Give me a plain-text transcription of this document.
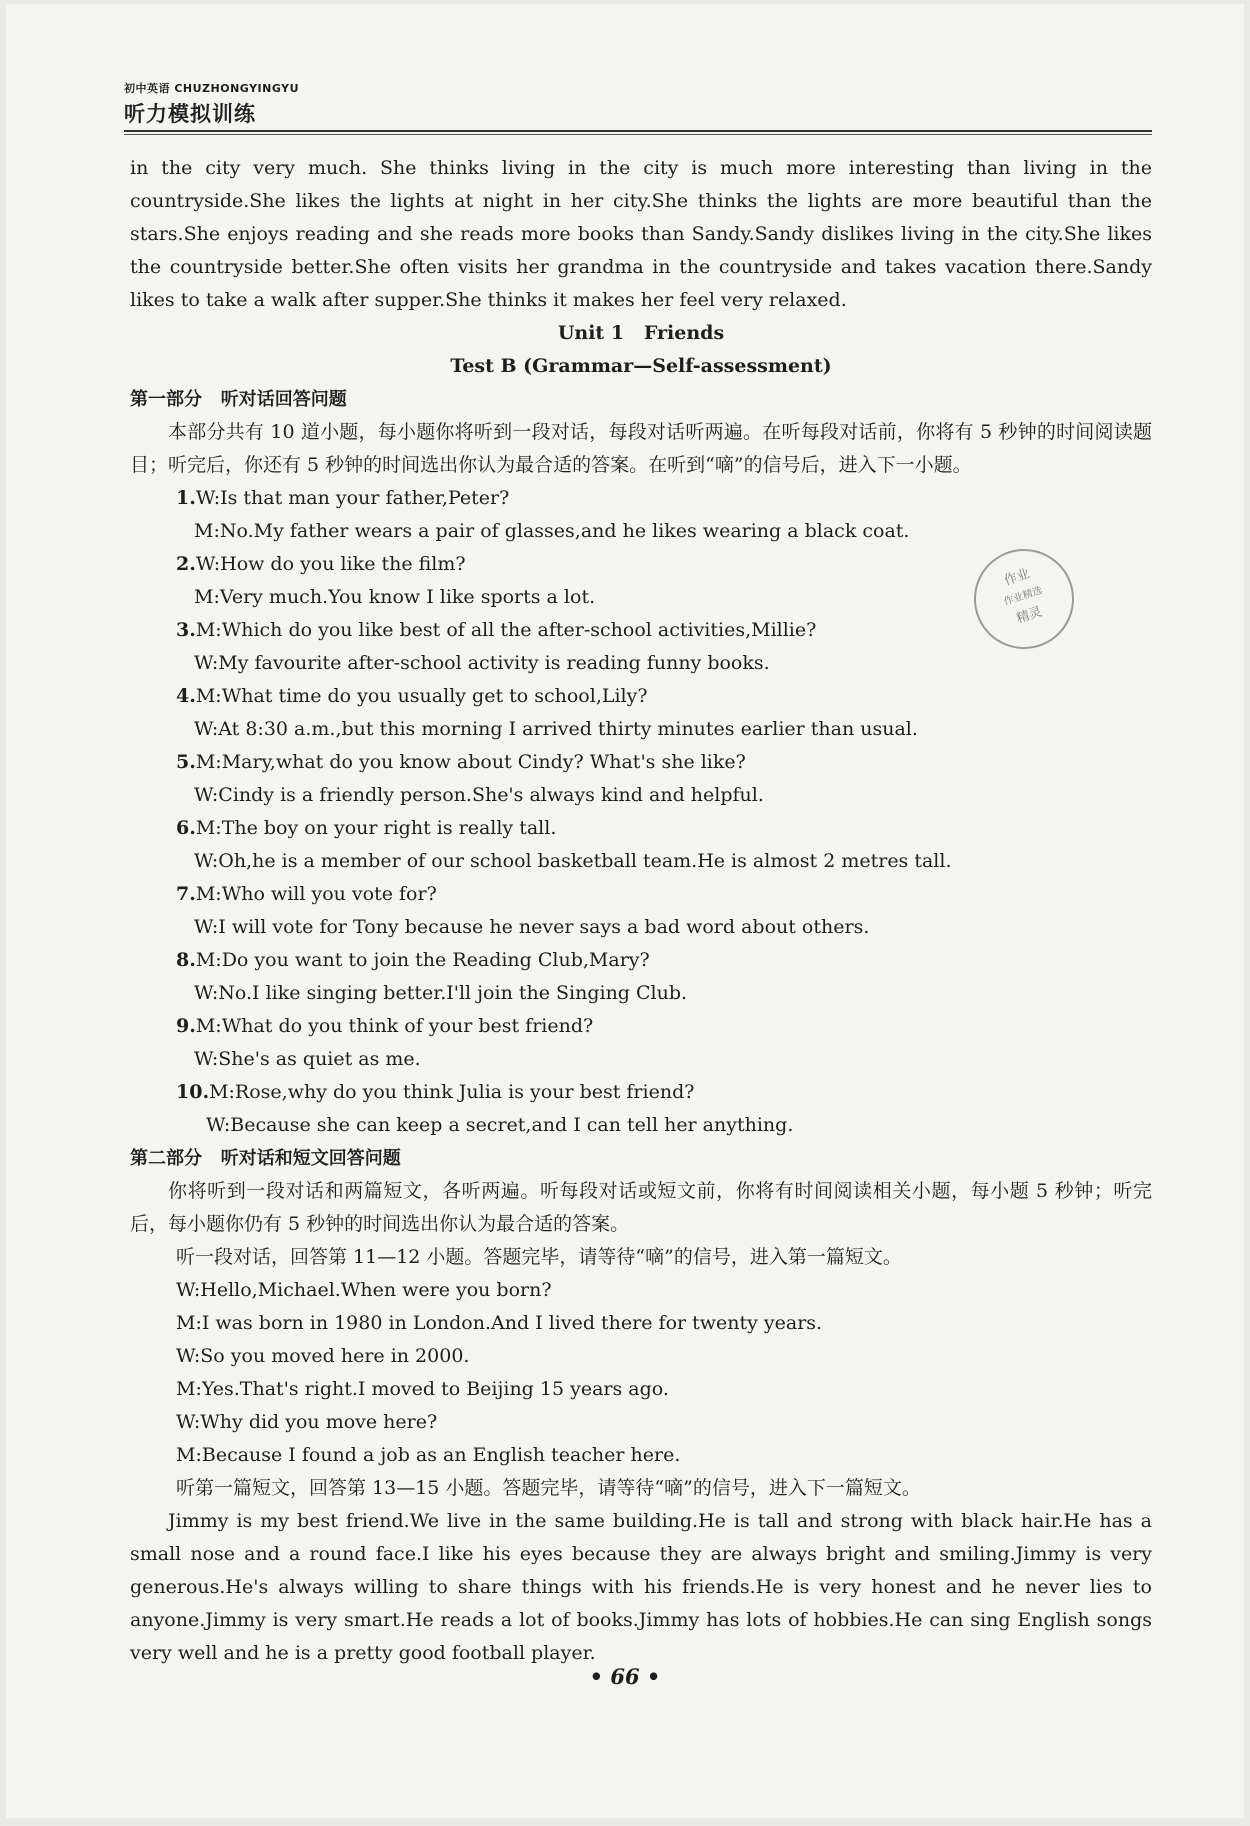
初中英语 CHUZHONGYINGYU
听力模拟训练
作业
作业精选
精灵

in the city very much. She thinks living in the city is much more interesting than living in the countryside.She likes the lights at night in her city.She thinks the lights are more beautiful than the stars.She enjoys reading and she reads more books than Sandy.Sandy dislikes living in the city.She likes the countryside better.She often visits her grandma in the countryside and takes vacation there.Sandy likes to take a walk after supper.She thinks it makes her feel very relaxed.

Unit 1   Friends

Test B (Grammar—Self-assessment)

第一部分   听对话回答问题

本部分共有 10 道小题，每小题你将听到一段对话，每段对话听两遍。在听每段对话前，你将有 5 秒钟的时间阅读题目；听完后，你还有 5 秒钟的时间选出你认为最合适的答案。在听到“嘀”的信号后，进入下一小题。

1.W:Is that man your father,Peter?

M:No.My father wears a pair of glasses,and he likes wearing a black coat.

2.W:How do you like the film?

M:Very much.You know I like sports a lot.

3.M:Which do you like best of all the after-school activities,Millie?

W:My favourite after-school activity is reading funny books.

4.M:What time do you usually get to school,Lily?

W:At 8:30 a.m.,but this morning I arrived thirty minutes earlier than usual.

5.M:Mary,what do you know about Cindy? What's she like?

W:Cindy is a friendly person.She's always kind and helpful.

6.M:The boy on your right is really tall.

W:Oh,he is a member of our school basketball team.He is almost 2 metres tall.

7.M:Who will you vote for?

W:I will vote for Tony because he never says a bad word about others.

8.M:Do you want to join the Reading Club,Mary?

W:No.I like singing better.I'll join the Singing Club.

9.M:What do you think of your best friend?

W:She's as quiet as me.

10.M:Rose,why do you think Julia is your best friend?

W:Because she can keep a secret,and I can tell her anything.

第二部分   听对话和短文回答问题

你将听到一段对话和两篇短文，各听两遍。听每段对话或短文前，你将有时间阅读相关小题，每小题 5 秒钟；听完后，每小题你仍有 5 秒钟的时间选出你认为最合适的答案。

听一段对话，回答第 11—12 小题。答题完毕，请等待“嘀”的信号，进入第一篇短文。

W:Hello,Michael.When were you born?

M:I was born in 1980 in London.And I lived there for twenty years.

W:So you moved here in 2000.

M:Yes.That's right.I moved to Beijing 15 years ago.

W:Why did you move here?

M:Because I found a job as an English teacher here.

听第一篇短文，回答第 13—15 小题。答题完毕，请等待“嘀”的信号，进入下一篇短文。

Jimmy is my best friend.We live in the same building.He is tall and strong with black hair.He has a small nose and a round face.I like his eyes because they are always bright and smiling.Jimmy is very generous.He's always willing to share things with his friends.He is very honest and he never lies to anyone.Jimmy is very smart.He reads a lot of books.Jimmy has lots of hobbies.He can sing English songs very well and he is a pretty good football player.

• 66 •
